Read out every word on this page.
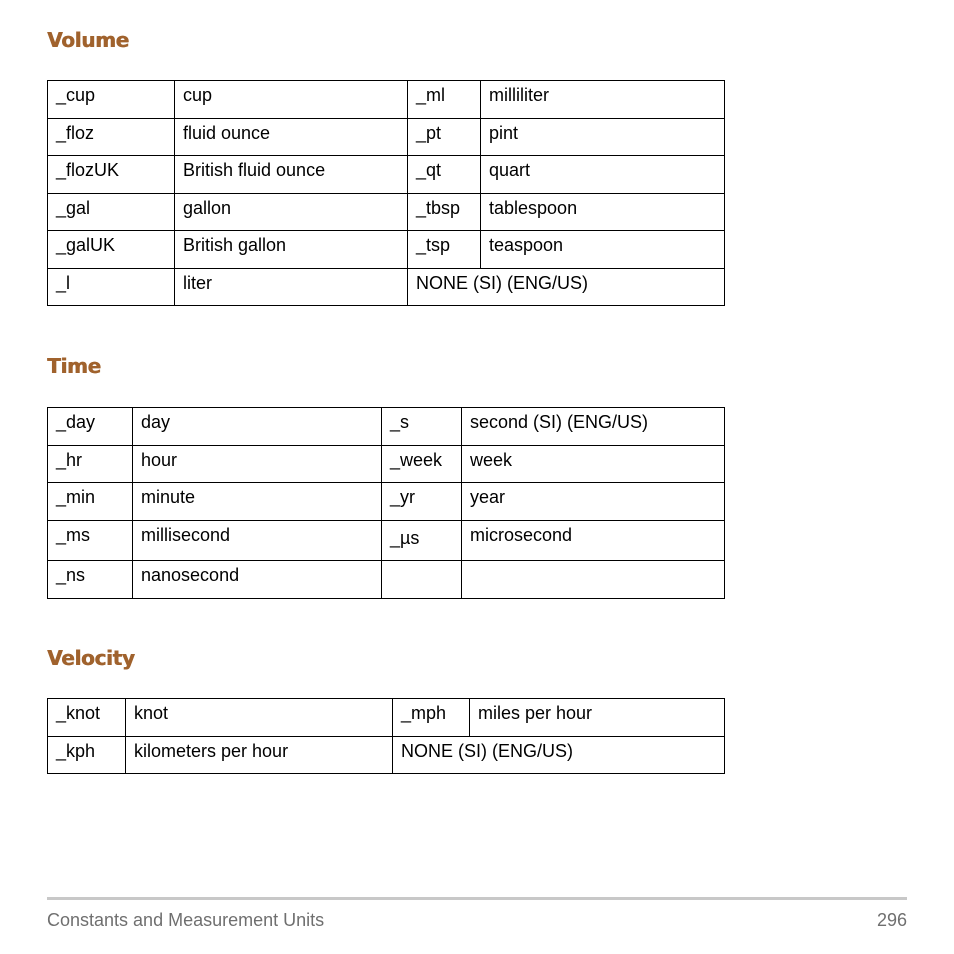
Volume
_cup	cup	_ml	milliliter
_floz	fluid ounce	_pt	pint
_flozUK	British fluid ounce	_qt	quart
_gal	gallon	_tbsp	tablespoon
_galUK	British gallon	_tsp	teaspoon
_l	liter	NONE (SI) (ENG/US)	
Time
_day	day	_s	second (SI) (ENG/US)
_hr	hour	_week	week
_min	minute	_yr	year
_ms	millisecond	_µs	microsecond
_ns	nanosecond		
Velocity
_knot	knot	_mph	miles per hour
_kph	kilometers per hour	NONE (SI) (ENG/US)	
Constants and Measurement Units	296
